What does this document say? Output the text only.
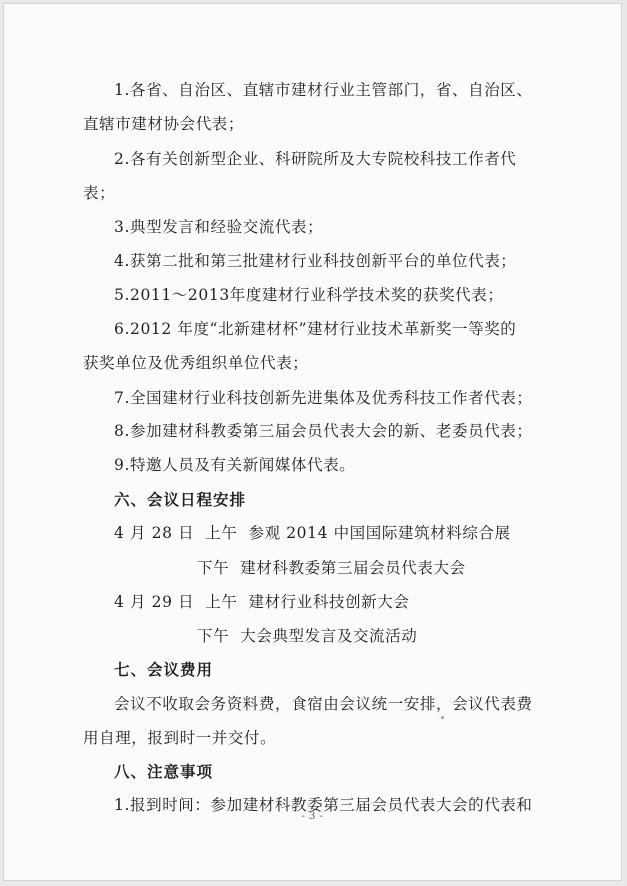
1.各省、自治区、直辖市建材行业主管部门，省、自治区、
直辖市建材协会代表；
2.各有关创新型企业、科研院所及大专院校科技工作者代
表；
3.典型发言和经验交流代表；
4.获第二批和第三批建材行业科技创新平台的单位代表；
5.2011～2013年度建材行业科学技术奖的获奖代表；
6.2012 年度“北新建材杯”建材行业技术革新奖一等奖的
获奖单位及优秀组织单位代表；
7.全国建材行业科技创新先进集体及优秀科技工作者代表；
8.参加建材科教委第三届会员代表大会的新、老委员代表；
9.特邀人员及有关新闻媒体代表。
六、会议日程安排
4 月 28 日  上午  参观 2014 中国国际建筑材料综合展
下午  建材科教委第三届会员代表大会
4 月 29 日  上午  建材行业科技创新大会
下午  大会典型发言及交流活动
七、会议费用
会议不收取会务资料费，食宿由会议统一安排，会议代表费
用自理，报到时一并交付。
八、注意事项
1.报到时间：参加建材科教委第三届会员代表大会的代表和
- 3 -
